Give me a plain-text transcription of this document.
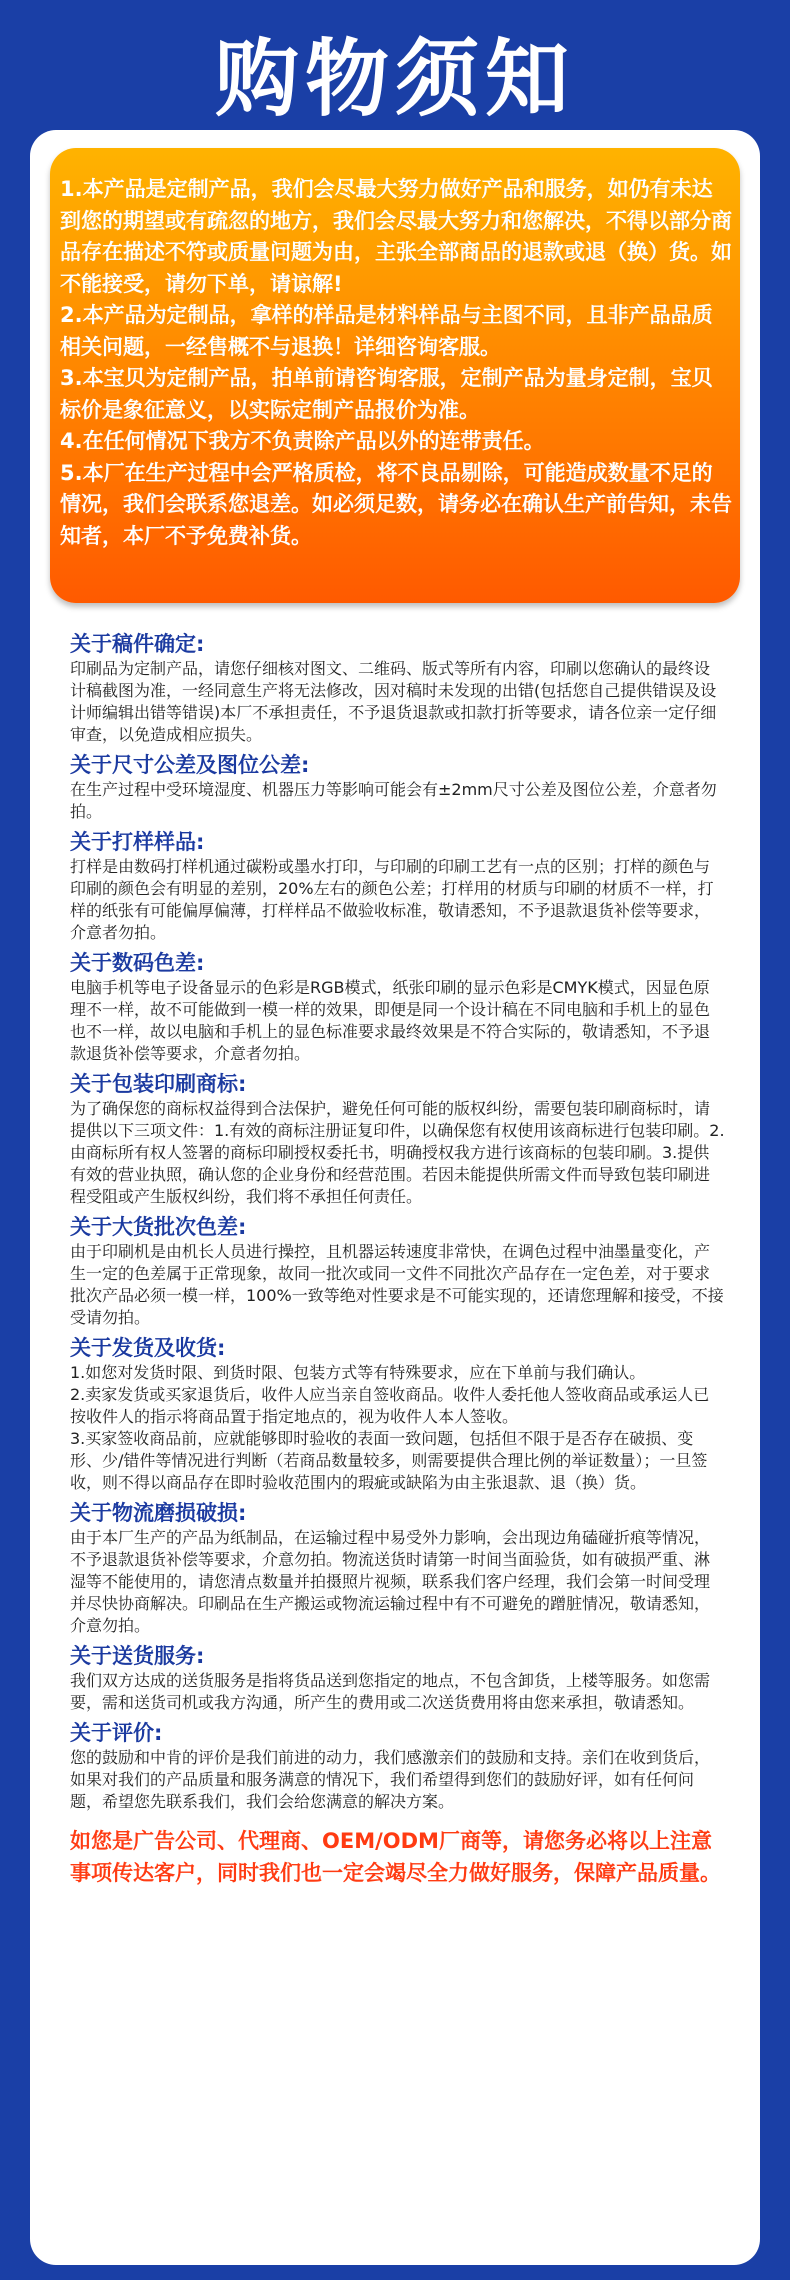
购物须知
1.本产品是定制产品，我们会尽最大努力做好产品和服务，如仍有未达到您的期望或有疏忽的地方，我们会尽最大努力和您解决，不得以部分商品存在描述不符或质量问题为由，主张全部商品的退款或退（换）货。如不能接受，请勿下单，请谅解!
2.本产品为定制品，拿样的样品是材料样品与主图不同，且非产品品质相关问题，一经售概不与退换！详细咨询客服。
3.本宝贝为定制产品，拍单前请咨询客服，定制产品为量身定制，宝贝标价是象征意义，以实际定制产品报价为准。
4.在任何情况下我方不负责除产品以外的连带责任。
5.本厂在生产过程中会严格质检，将不良品剔除，可能造成数量不足的情况，我们会联系您退差。如必须足数，请务必在确认生产前告知，未告知者，本厂不予免费补货。
关于稿件确定:
印刷品为定制产品，请您仔细核对图文、二维码、版式等所有内容，印刷以您确认的最终设计稿截图为准，一经同意生产将无法修改，因对稿时未发现的出错(包括您自己提供错误及设计师编辑出错等错误)本厂不承担责任，不予退货退款或扣款打折等要求，请各位亲一定仔细审查，以免造成相应损失。
关于尺寸公差及图位公差:
在生产过程中受环境湿度、机器压力等影响可能会有±2mm尺寸公差及图位公差，介意者勿拍。
关于打样样品:
打样是由数码打样机通过碳粉或墨水打印，与印刷的印刷工艺有一点的区别；打样的颜色与印刷的颜色会有明显的差别，20%左右的颜色公差；打样用的材质与印刷的材质不一样，打样的纸张有可能偏厚偏薄，打样样品不做验收标准，敬请悉知，不予退款退货补偿等要求，介意者勿拍。
关于数码色差:
电脑手机等电子设备显示的色彩是RGB模式，纸张印刷的显示色彩是CMYK模式，因显色原理不一样，故不可能做到一模一样的效果，即便是同一个设计稿在不同电脑和手机上的显色也不一样，故以电脑和手机上的显色标准要求最终效果是不符合实际的，敬请悉知，不予退款退货补偿等要求，介意者勿拍。
关于包装印刷商标:
为了确保您的商标权益得到合法保护，避免任何可能的版权纠纷，需要包装印刷商标时，请提供以下三项文件：1.有效的商标注册证复印件，以确保您有权使用该商标进行包装印刷。2.由商标所有权人签署的商标印刷授权委托书，明确授权我方进行该商标的包装印刷。3.提供有效的营业执照，确认您的企业身份和经营范围。若因未能提供所需文件而导致包装印刷进程受阻或产生版权纠纷，我们将不承担任何责任。
关于大货批次色差:
由于印刷机是由机长人员进行操控，且机器运转速度非常快，在调色过程中油墨量变化，产生一定的色差属于正常现象，故同一批次或同一文件不同批次产品存在一定色差，对于要求批次产品必须一模一样，100%一致等绝对性要求是不可能实现的，还请您理解和接受，不接受请勿拍。
关于发货及收货:
1.如您对发货时限、到货时限、包装方式等有特殊要求，应在下单前与我们确认。
2.卖家发货或买家退货后，收件人应当亲自签收商品。收件人委托他人签收商品或承运人已按收件人的指示将商品置于指定地点的，视为收件人本人签收。
3.买家签收商品前，应就能够即时验收的表面一致问题，包括但不限于是否存在破损、变形、少/错件等情况进行判断（若商品数量较多，则需要提供合理比例的举证数量）；一旦签收，则不得以商品存在即时验收范围内的瑕疵或缺陷为由主张退款、退（换）货。
关于物流磨损破损:
由于本厂生产的产品为纸制品，在运输过程中易受外力影响，会出现边角磕碰折痕等情况，不予退款退货补偿等要求，介意勿拍。物流送货时请第一时间当面验货，如有破损严重、淋湿等不能使用的，请您清点数量并拍摄照片视频，联系我们客户经理，我们会第一时间受理并尽快协商解决。印刷品在生产搬运或物流运输过程中有不可避免的蹭脏情况，敬请悉知，介意勿拍。
关于送货服务:
我们双方达成的送货服务是指将货品送到您指定的地点，不包含卸货，上楼等服务。如您需要，需和送货司机或我方沟通，所产生的费用或二次送货费用将由您来承担，敬请悉知。
关于评价:
您的鼓励和中肯的评价是我们前进的动力，我们感激亲们的鼓励和支持。亲们在收到货后，如果对我们的产品质量和服务满意的情况下，我们希望得到您们的鼓励好评，如有任何问题，希望您先联系我们，我们会给您满意的解决方案。
如您是广告公司、代理商、OEM/ODM厂商等，请您务必将以上注意事项传达客户，同时我们也一定会竭尽全力做好服务，保障产品质量。
